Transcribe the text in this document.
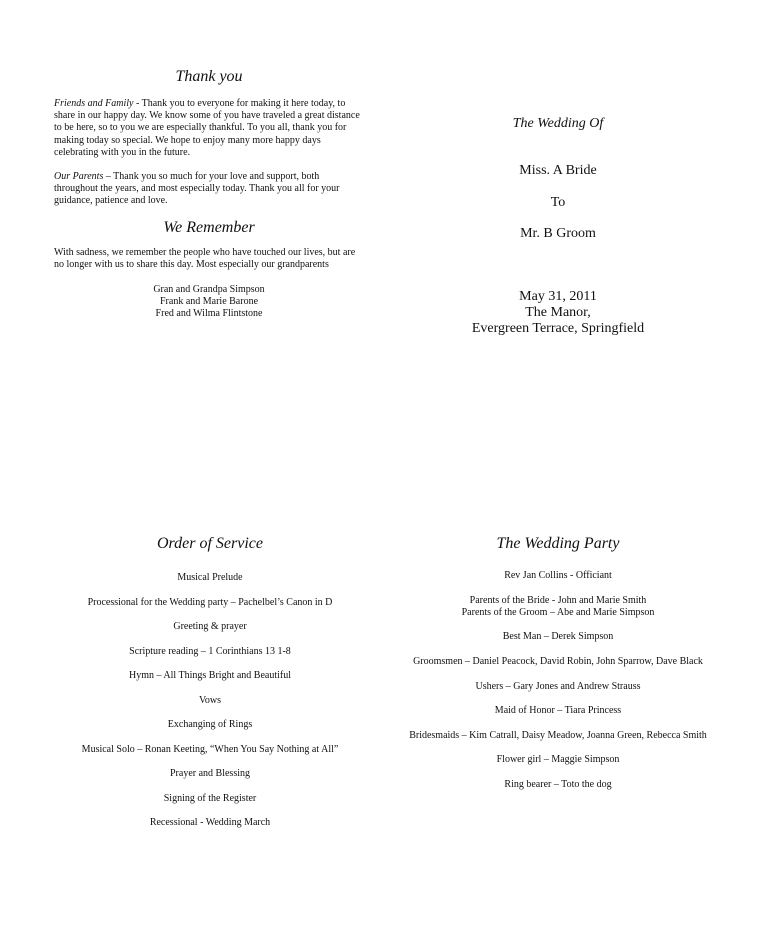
Thank you

Friends and Family - Thank you to everyone for making it here today, to share in our happy day. We know some of you have traveled a great distance to be here, so to you we are especially thankful. To you all, thank you for making today so special. We hope to enjoy many more happy days celebrating with you in the future.

Our Parents – Thank you so much for your love and support, both throughout the years, and most especially today. Thank you all for your guidance, patience and love.

We Remember

With sadness, we remember the people who have touched our lives, but are no longer with us to share this day. Most especially our grandparents

Gran and Grandpa Simpson
Frank and Marie Barone
Fred and Wilma Flintstone
The Wedding Of
Miss. A Bride
To
Mr. B Groom
May 31, 2011
The Manor,
Evergreen Terrace, Springfield
Order of Service
Musical Prelude
Processional for the Wedding party – Pachelbel’s Canon in D
Greeting & prayer
Scripture reading – 1 Corinthians 13 1-8
Hymn – All Things Bright and Beautiful
Vows
Exchanging of Rings
Musical Solo – Ronan Keeting, “When You Say Nothing at All”
Prayer and Blessing
Signing of the Register
Recessional - Wedding March
The Wedding Party
Rev Jan Collins - Officiant
Parents of the Bride - John and Marie Smith
Parents of the Groom – Abe and Marie Simpson
Best Man – Derek Simpson
Groomsmen – Daniel Peacock, David Robin, John Sparrow, Dave Black
Ushers – Gary Jones and Andrew Strauss
Maid of Honor – Tiara Princess
Bridesmaids – Kim Catrall, Daisy Meadow, Joanna Green, Rebecca Smith
Flower girl – Maggie Simpson
Ring bearer – Toto the dog
